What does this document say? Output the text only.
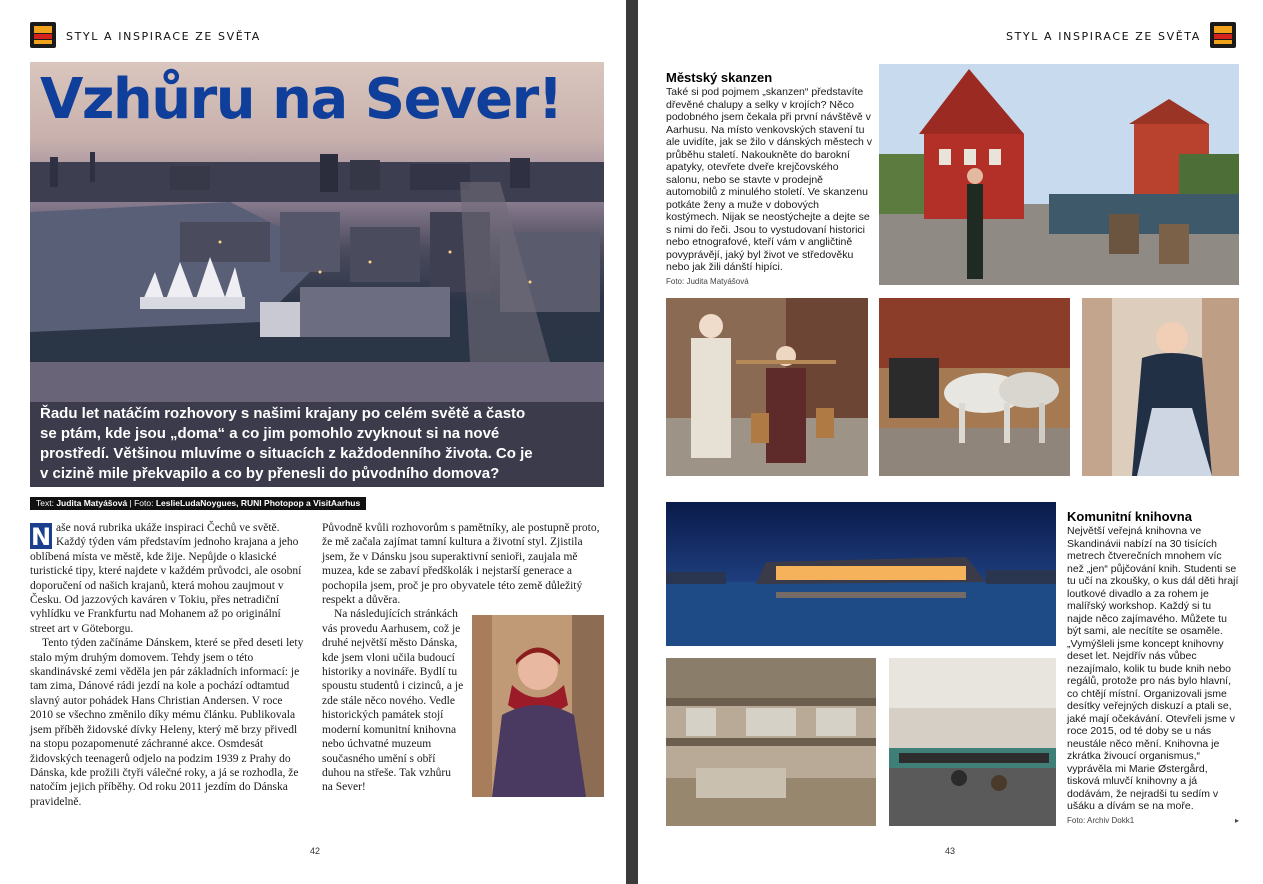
STYL A INSPIRACE ZE SVĚTA
Vzhůru na Sever!
Řadu let natáčím rozhovory s našimi krajany po celém světě a často se ptám, kde jsou „doma“ a co jim pomohlo zvyknout si na nové prostředí. Většinou mluvíme o situacích z každodenního života. Co je v cizině mile překvapilo a co by přenesli do původního domova?
Text: Judita Matyášová | Foto: LeslieLudaNoygues, RUNI Photopop a VisitAarhus

N aše nová rubrika ukáže inspiraci Čechů ve světě. Každý týden vám představím jednoho krajana a jeho oblíbená místa ve městě, kde žije. Nepůjde o klasické turistické tipy, které najdete v každém průvodci, ale osobní doporučení od našich krajanů, která mohou zaujmout v Česku. Od jazzových kaváren v Tokiu, přes netradiční vyhlídku ve Frankfurtu nad Mohanem až po originální street art v Göteborgu.

Tento týden začínáme Dánskem, které se před deseti lety stalo mým druhým domovem. Tehdy jsem o této skandinávské zemi věděla jen pár základních informací: je tam zima, Dánové rádi jezdí na kole a pochází odtamtud slavný autor pohádek Hans Christian Andersen. V roce 2010 se všechno změnilo díky mému článku. Publikovala jsem příběh židovské dívky Heleny, který mě brzy přivedl na stopu pozapomenuté záchranné akce. Osmdesát židovských teenagerů odjelo na podzim 1939 z Prahy do Dánska, kde prožili čtyři válečné roky, a já se rozhodla, že natočím jejich příběhy. Od roku 2011 jezdím do Dánska pravidelně.

Původně kvůli rozhovorům s pamětníky, ale postupně proto, že mě začala zajímat tamní kultura a životní styl. Zjistila jsem, že v Dánsku jsou superaktivní senioři, zaujala mě muzea, kde se zabaví předškolák i nejstarší generace a pochopila jsem, proč je pro obyvatele této země důležitý respekt a důvěra.

Na následujících stránkách vás provedu Aarhusem, což je druhé největší město Dánska, kde jsem vloni učila budoucí historiky a novináře. Bydlí tu spoustu studentů i cizinců, a je zde stále něco nového. Vedle historických památek stojí moderní komunitní knihovna nebo úchvatné muzeum současného umění s obří duhou na střeše. Tak vzhůru na Sever!

42
STYL A INSPIRACE ZE SVĚTA
Městský skanzen

Také si pod pojmem „skanzen“ představíte dřevěné chalupy a selky v krojích? Něco podobného jsem čekala při první návštěvě v Aarhusu. Na místo venkovských stavení tu ale uvidíte, jak se žilo v dánských městech v průběhu staletí. Nakoukněte do barokní apatyky, otevřete dveře krejčovského salonu, nebo se stavte v prodejně automobilů z minulého století. Ve skanzenu potkáte ženy a muže v dobových kostýmech. Nijak se neostýchejte a dejte se s nimi do řeči. Jsou to vystudovaní historici nebo etnografové, kteří vám v angličtině povyprávějí, jaký byl život ve středověku nebo jak žili dánští hipíci.

Foto: Judita Matyášová

Komunitní knihovna

Největší veřejná knihovna ve Skandinávii nabízí na 30 tisících metrech čtverečních mnohem víc než „jen“ půjčování knih. Studenti se tu učí na zkoušky, o kus dál děti hrají loutkové divadlo a za rohem je malířský workshop. Každý si tu najde něco zajímavého. Můžete tu být sami, ale necítíte se osaměle. „Vymýšleli jsme koncept knihovny deset let. Nejdřív nás vůbec nezajímalo, kolik tu bude knih nebo regálů, protože pro nás bylo hlavní, co chtějí místní. Organizovali jsme desítky veřejných diskuzí a ptali se, jaké mají očekávání. Otevřeli jsme v roce 2015, od té doby se u nás neustále něco mění. Knihovna je zkrátka živoucí organismus,“ vyprávěla mi Marie Østergård, tisková mluvčí knihovny a já dodávám, že nejradši tu sedím v ušáku a dívám se na moře.

Foto: Archiv Dokk1	▸

43
